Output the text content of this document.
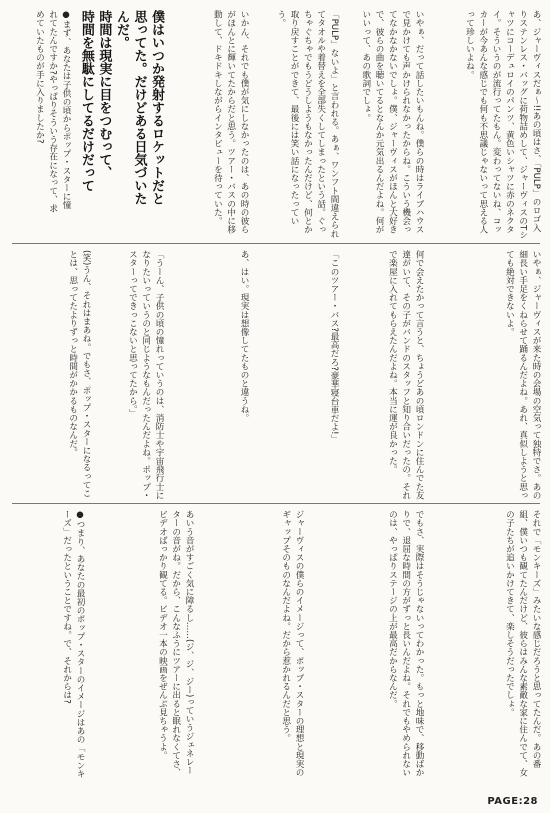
あ、ジャーヴィスだぁ〜!!あの頃はさ、「PULP」のロゴ入りステンレス・バッグに荷物詰めして、ジャーヴィスのTシャツにコーデュロイのパンツ、黄色いシャツに赤のネクタイ。そういうのが流行ってたもん。変わってないね、コッカーが今あんな感じでも何も不思議じゃないって思える人って珍しいよね。
いやぁ、だって話したいもんね。僕らの時はライブハウスで見かけても声かけられなかったからね。こういう機会ってなかなかないでしょ。僕、ジャーヴィスがほんと大好きで、彼らの曲を聴いてるとなんか元気出るんだよね。何がいいって、あの歌詞でしょ。
「PULP」ないよ」と言われる。あぁ、ワンフト間違えられてタオルや着替えを全部失くしてしまったという話。ぐっちゃぐちゃでもうどうしようもなかったんだけど、何とか取り戻すことができて、最後には笑い話になったっていう。
いかん、それでも僕が気にしなかったのは、あの時の彼らがほんとに輝いてたからだと思う。ツアー・バスの中に移動して、ドキドキしながらインタビューを待っていた。
僕はいつか発射するロケットだと
思ってた。だけどある日気づいたんだ。
時間は現実に目をつむって、
時間を無駄にしてるだけだって
●まず、あなたは子供の頃からポップ・スターに憧れてたんですか?やっぱりそういう存在になって、求めていたものが手に入りましたか?
いやぁ、ジャーヴィスが来た時の会場の空気って独特でさ。あの細長い手足をくねらせて踊るんだよね。あれ、真似しようと思っても絶対できないよ。
何で会えたかって言うと、ちょうどあの頃ロンドンに住んでた友達がいて、その子がバンドのスタッフと知り合いだったの。それで楽屋に入れてもらえたんだよね。本当に運が良かった。
「このツアー・バス?最高だろ?豪華寝台車だよ!」
あ、はい。現実は想像してたものと違うね。
「うーん、子供の頃の憧れっていうのは、消防士や宇宙飛行士になりたいっていうのと同じようなもんだったんだよね。ポップ・スターってできっこないと思ってたから。」
(笑)うん、それはまあね。でもさ、ポップ・スターになるってことは、思ってたよりずっと時間がかかるものなんだ。
それで「モンキーズ」みたいな感じだろうと思ってたんだ。あの番組、僕いつも観てたんだけど、彼らはみんな素敵な家に住んでて、女の子たちが追いかけてきて、楽しそうだったでしょ。
でもさ、実際はそうじゃないってわかった。もっと地味で、移動ばかりで、退屈な時間の方がずっと長いんだよね。それでもやめられないのは、やっぱりステージの上が最高だからなんだ。
ジャーヴィスの僕らのイメージって、ポップ・スターの理想と現実のギャップそのものなんだよね。だから惹かれるんだと思う。
あいう音がすごく気に障るし……(ジ、ジ、ジー)っていうジェネレーターの音がね。だから、こんなふうにツアーに出ると眠れなくてさ、ビデオばっかり観てる。ビデオ一本の映画をぜんぶ見ちゃうよ。
●つまり、あなたの最初のポップ・スターのイメージはあの「モンキーズ」だったということですね。で、それからは?
PAGE:28
